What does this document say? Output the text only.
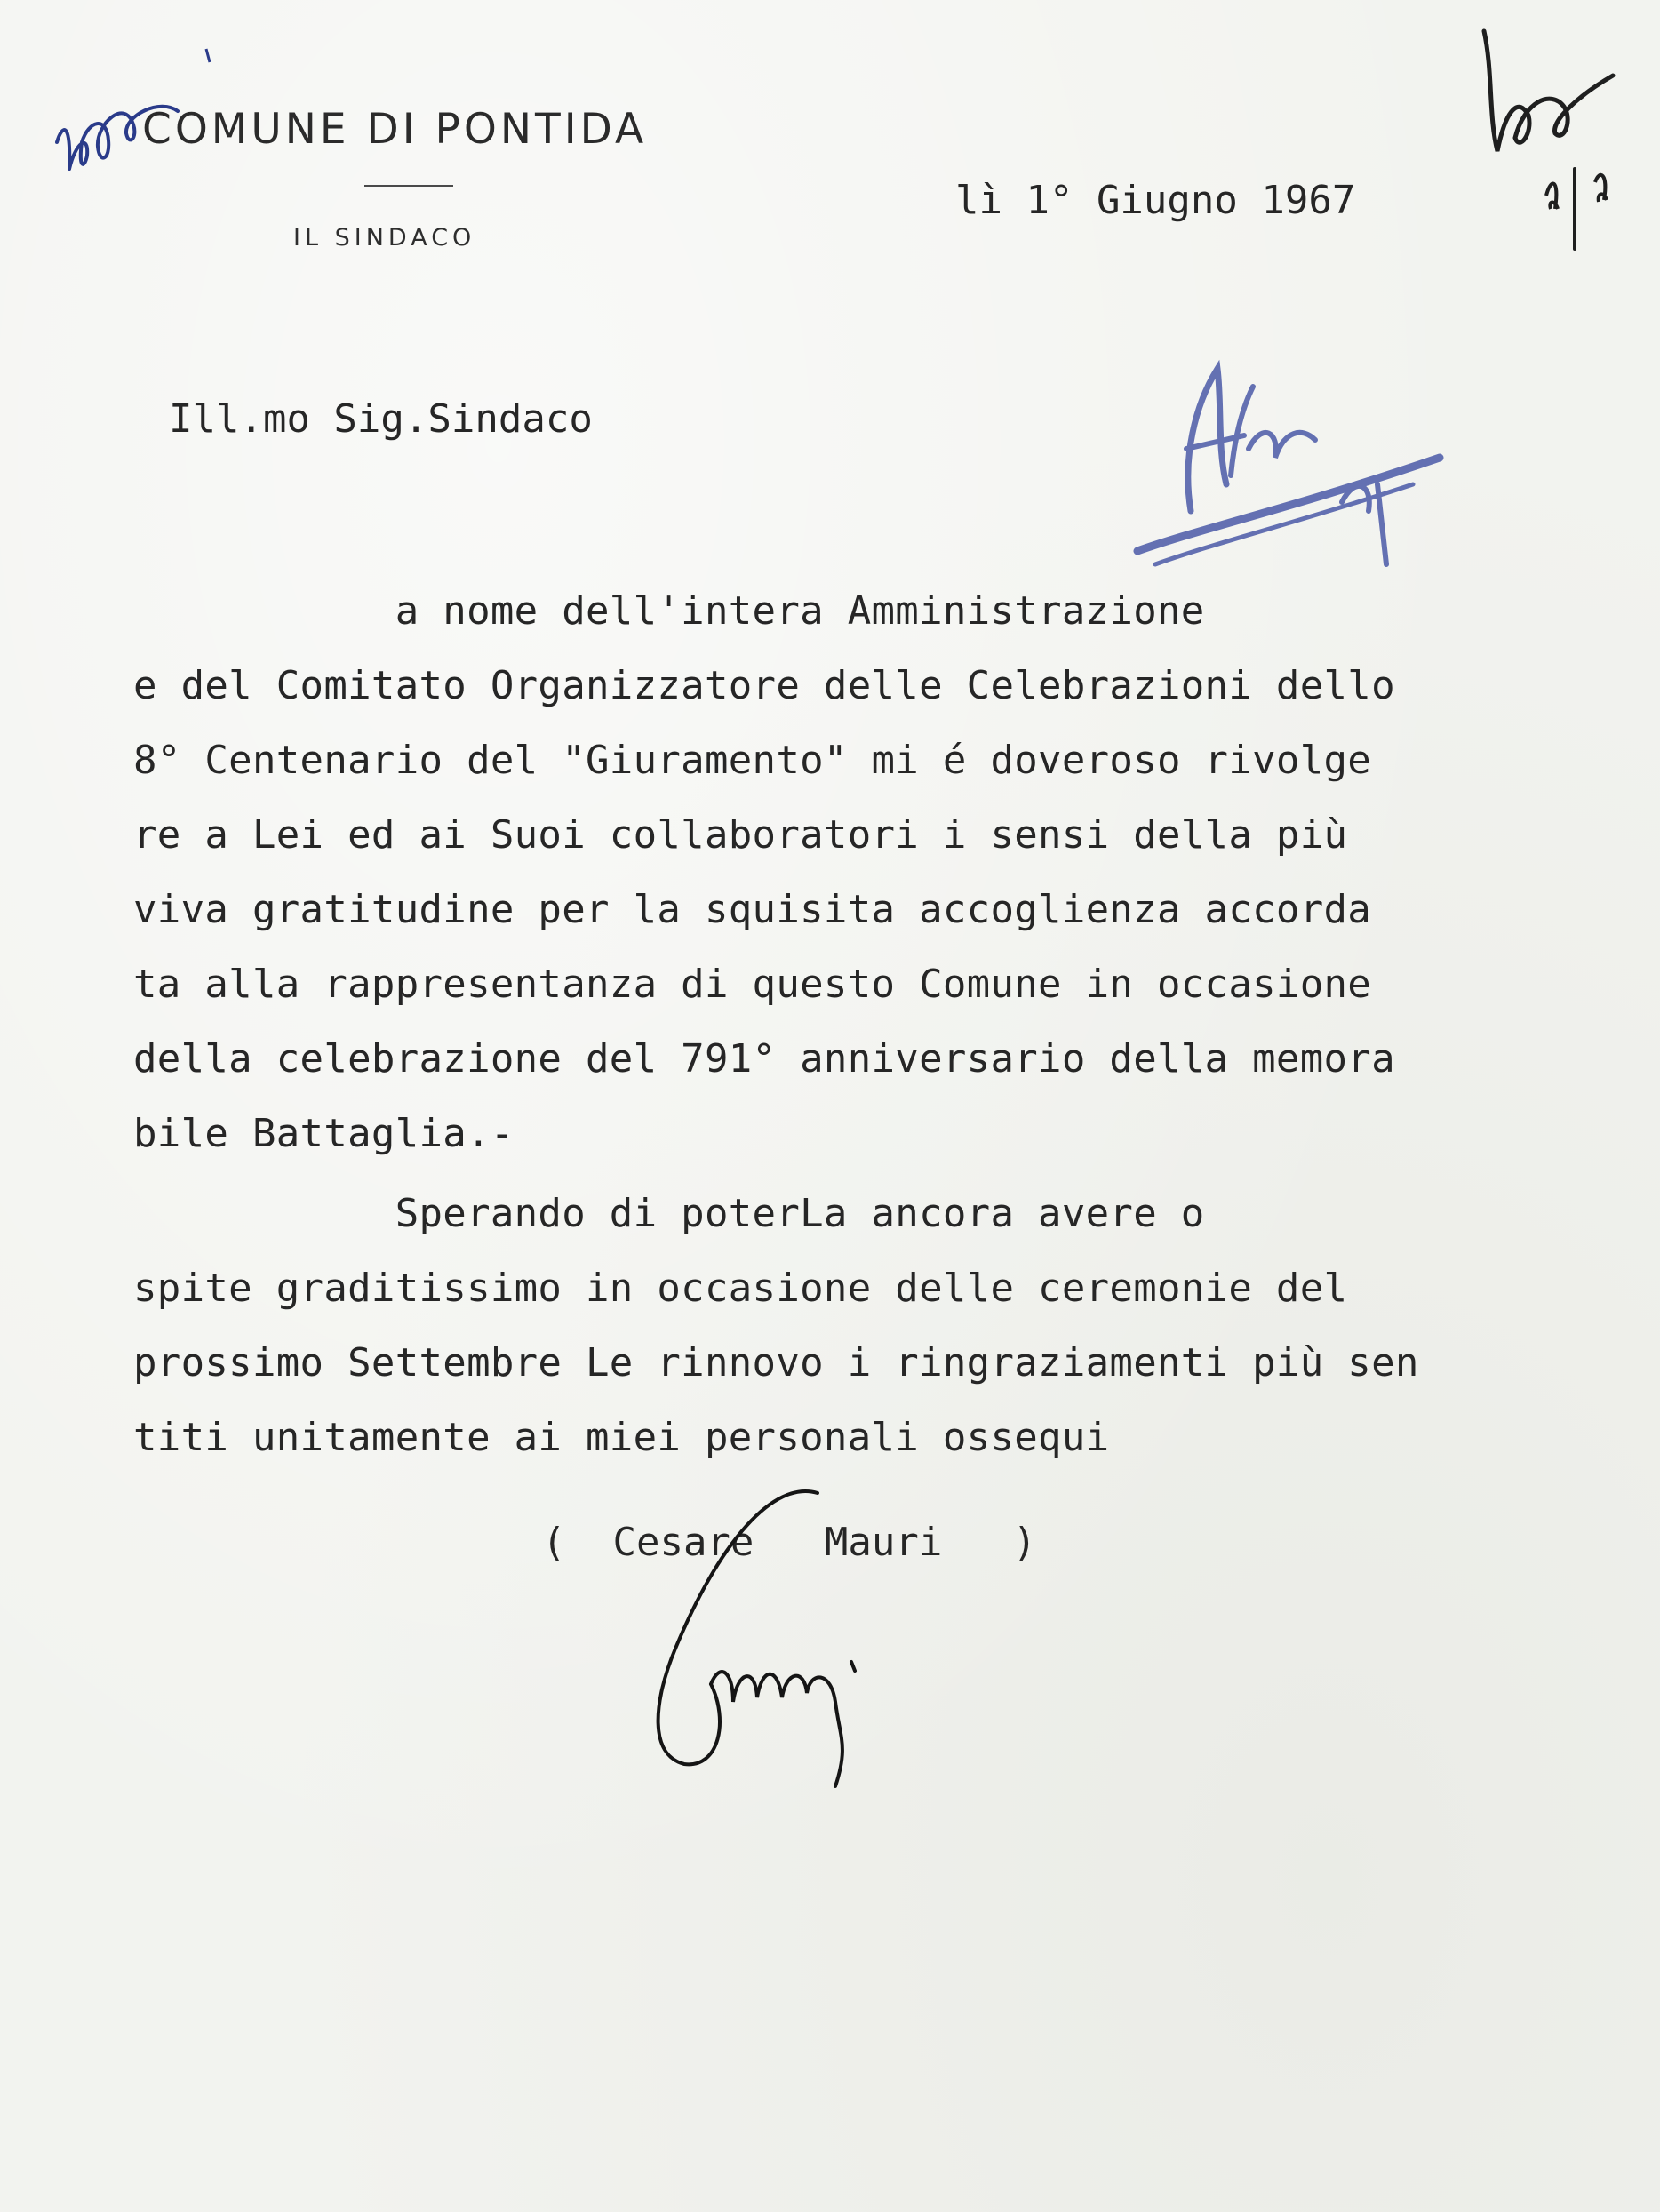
COMUNE DI PONTIDA
IL SINDACO
lì 1° Giugno 1967
Ill.mo Sig.Sindaco
a nome dell'intera Amministrazione
e del Comitato Organizzatore delle Celebrazioni dello
8° Centenario del "Giuramento" mi é doveroso rivolge
re a Lei ed ai Suoi collaboratori i sensi della più
viva gratitudine per la squisita accoglienza accorda
ta alla rappresentanza di questo Comune in occasione
della celebrazione del 791° anniversario della memora
bile Battaglia.-
Sperando di poterLa ancora avere o
spite graditissimo in occasione delle ceremonie del
prossimo Settembre Le rinnovo i ringraziamenti più sen
titi unitamente ai miei personali ossequi
(  Cesare   Mauri   )
